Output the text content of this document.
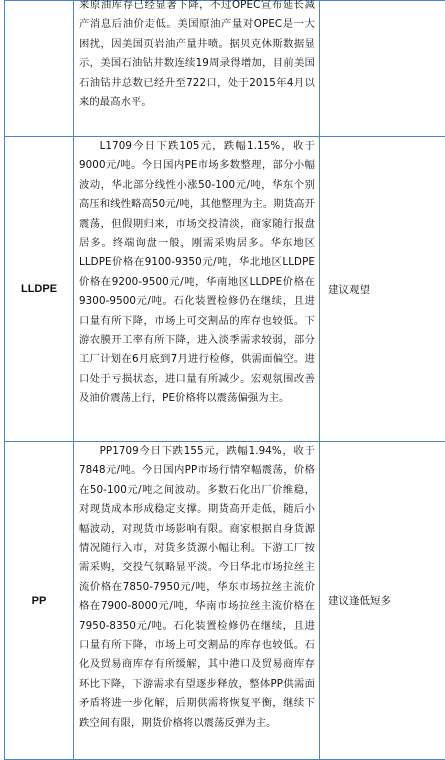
	来原油库存已经显著下降，不过OPEC宣布延长减产消息后油价走低。美国原油产量对OPEC是一大困扰，因美国页岩油产量井喷。据贝克休斯数据显示，美国石油钻井数连续19周录得增加，目前美国石油钻井总数已经升至722口，处于2015年4月以来的最高水平。	

LLDPE	L1709今日下跌105元，跌幅1.15%，收于9000元/吨。今日国内PE市场多数整理，部分小幅波动，华北部分线性小涨50-100元/吨，华东个别高压和线性略高50元/吨，其他整理为主。期货高开震荡，但假期归来，市场交投清淡，商家随行报盘居多。终端询盘一般，刚需采购居多。华东地区LLDPE价格在9100-9350元/吨，华北地区LLDPE价格在9200-9500元/吨，华南地区LLDPE价格在9300-9500元/吨。石化装置检修仍在继续，且进口量有所下降，市场上可交割品的库存也较低。下游农膜开工率有所下降，进入淡季需求较弱，部分工厂计划在6月底到7月进行检修，供需面偏空。进口处于亏损状态，进口量有所减少。宏观氛围改善及油价震荡上行，PE价格将以震荡偏强为主。	建议观望
PP	PP1709今日下跌155元，跌幅1.94%，收于7848元/吨。今日国内PP市场行情窄幅震荡，价格在50-100元/吨之间波动。多数石化出厂价维稳，对现货成本形成稳定支撑。期货高开走低，随后小幅波动，对现货市场影响有限。商家根据自身货源情况随行入市，对货多货源小幅让利。下游工厂按需采购，交投气氛略显平淡。今日华北市场拉丝主流价格在7850-7950元/吨，华东市场拉丝主流价格在7900-8000元/吨，华南市场拉丝主流价格在7950-8350元/吨。石化装置检修仍在继续，且进口量有所下降，市场上可交割品的库存也较低。石化及贸易商库存有所缓解，其中港口及贸易商库存环比下降，下游需求有望逐步释放，整体PP供需面矛盾将进一步化解，后期供需将恢复平衡，继续下跌空间有限，期货价格将以震荡反弹为主。	建议逢低短多
